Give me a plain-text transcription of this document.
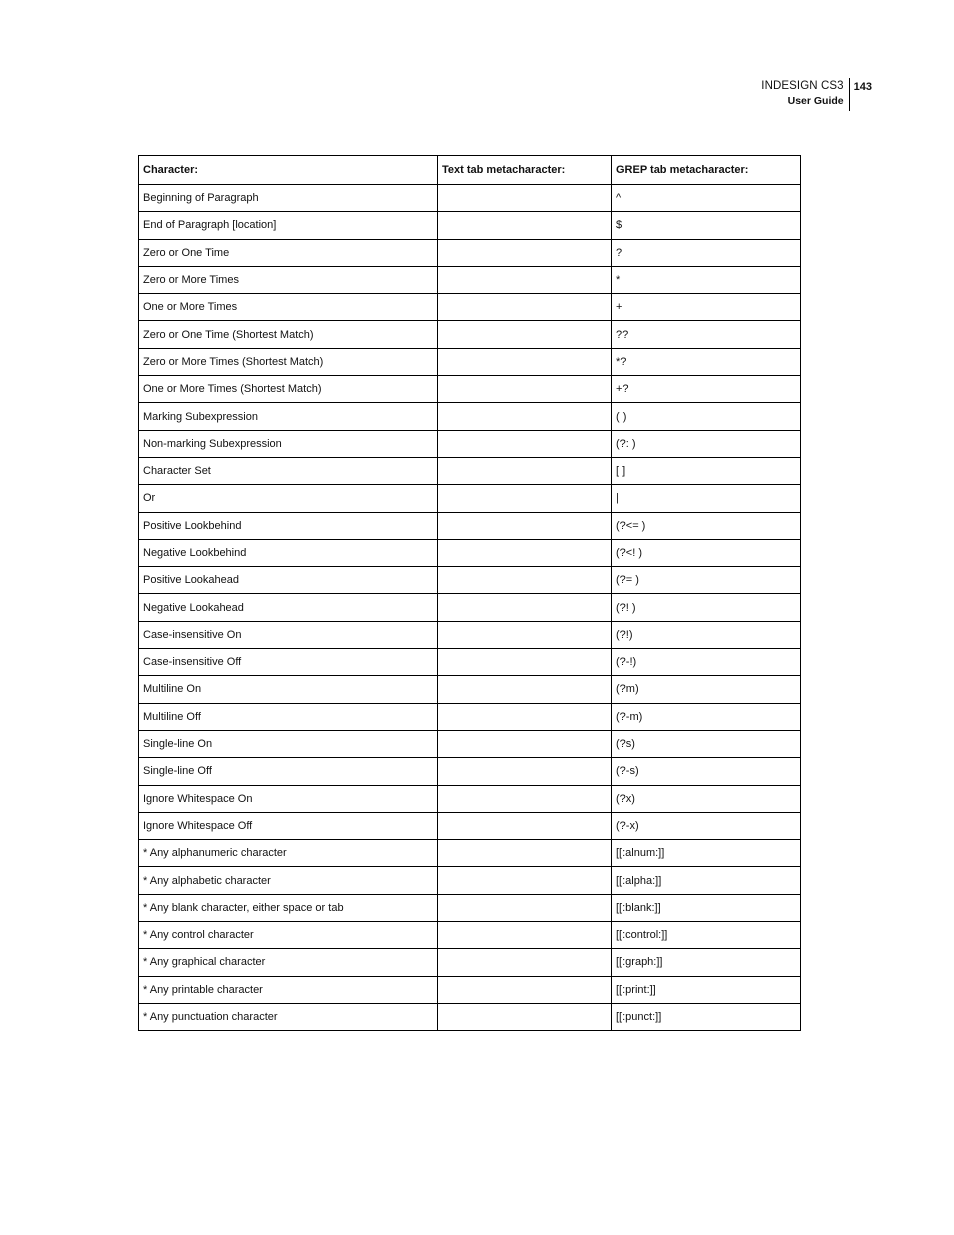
INDESIGN CS3
User Guide
143
Character:	Text tab metacharacter:	GREP tab metacharacter:
Beginning of Paragraph		^
End of Paragraph [location]		$
Zero or One Time		?
Zero or More Times		*
One or More Times		+
Zero or One Time (Shortest Match)		??
Zero or More Times (Shortest Match)		*?
One or More Times (Shortest Match)		+?
Marking Subexpression		( )
Non-marking Subexpression		(?: )
Character Set		[ ]
Or		|
Positive Lookbehind		(?<= )
Negative Lookbehind		(?<! )
Positive Lookahead		(?= )
Negative Lookahead		(?! )
Case-insensitive On		(?!)
Case-insensitive Off		(?-!)
Multiline On		(?m)
Multiline Off		(?-m)
Single-line On		(?s)
Single-line Off		(?-s)
Ignore Whitespace On		(?x)
Ignore Whitespace Off		(?-x)
* Any alphanumeric character		[[:alnum:]]
* Any alphabetic character		[[:alpha:]]
* Any blank character, either space or tab		[[:blank:]]
* Any control character		[[:control:]]
* Any graphical character		[[:graph:]]
* Any printable character		[[:print:]]
* Any punctuation character		[[:punct:]]
